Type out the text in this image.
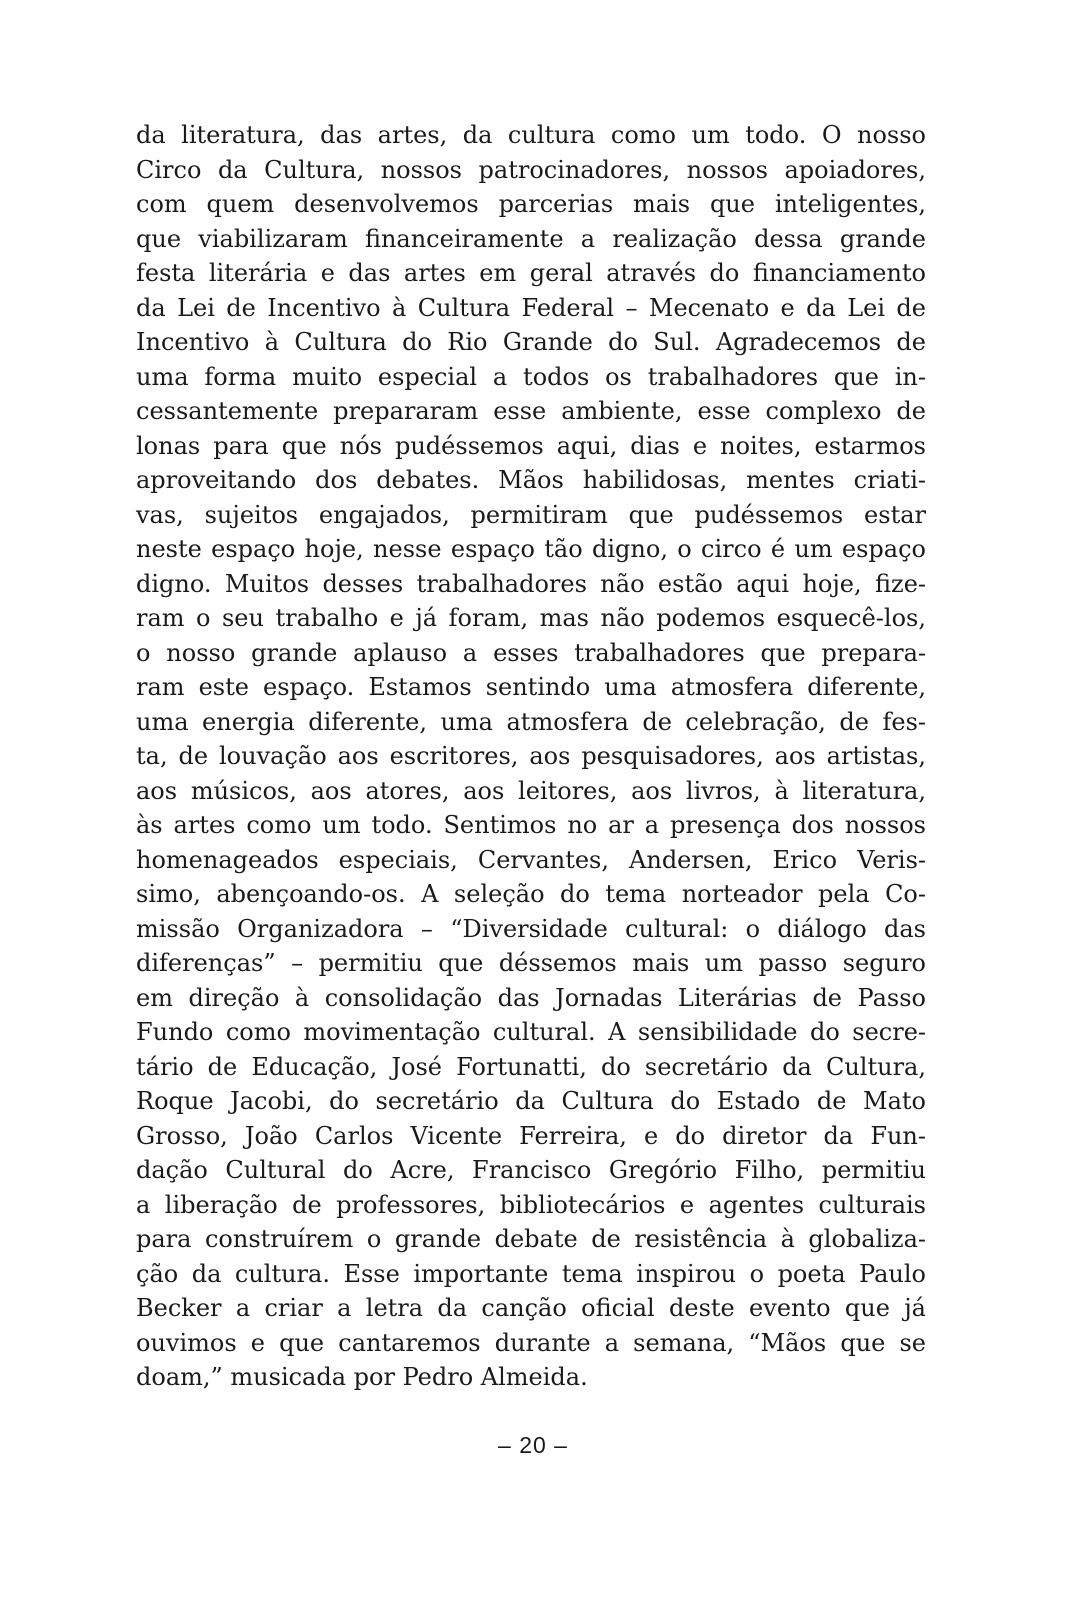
da literatura, das artes, da cultura como um todo. O nosso
Circo da Cultura, nossos patrocinadores, nossos apoiadores,
com quem desenvolvemos parcerias mais que inteligentes,
que viabilizaram financeiramente a realização dessa grande
festa literária e das artes em geral através do financiamento
da Lei de Incentivo à Cultura Federal – Mecenato e da Lei de
Incentivo à Cultura do Rio Grande do Sul. Agradecemos de
uma forma muito especial a todos os trabalhadores que in-
cessantemente prepararam esse ambiente, esse complexo de
lonas para que nós pudéssemos aqui, dias e noites, estarmos
aproveitando dos debates. Mãos habilidosas, mentes criati-
vas, sujeitos engajados, permitiram que pudéssemos estar
neste espaço hoje, nesse espaço tão digno, o circo é um espaço
digno. Muitos desses trabalhadores não estão aqui hoje, fize-
ram o seu trabalho e já foram, mas não podemos esquecê-los,
o nosso grande aplauso a esses trabalhadores que prepara-
ram este espaço. Estamos sentindo uma atmosfera diferente,
uma energia diferente, uma atmosfera de celebração, de fes-
ta, de louvação aos escritores, aos pesquisadores, aos artistas,
aos músicos, aos atores, aos leitores, aos livros, à literatura,
às artes como um todo. Sentimos no ar a presença dos nossos
homenageados especiais, Cervantes, Andersen, Erico Veris-
simo, abençoando-os. A seleção do tema norteador pela Co-
missão Organizadora – “Diversidade cultural: o diálogo das
diferenças” – permitiu que déssemos mais um passo seguro
em direção à consolidação das Jornadas Literárias de Passo
Fundo como movimentação cultural. A sensibilidade do secre-
tário de Educação, José Fortunatti, do secretário da Cultura,
Roque Jacobi, do secretário da Cultura do Estado de Mato
Grosso, João Carlos Vicente Ferreira, e do diretor da Fun-
dação Cultural do Acre, Francisco Gregório Filho, permitiu
a liberação de professores, bibliotecários e agentes culturais
para construírem o grande debate de resistência à globaliza-
ção da cultura. Esse importante tema inspirou o poeta Paulo
Becker a criar a letra da canção oficial deste evento que já
ouvimos e que cantaremos durante a semana, “Mãos que se
doam,” musicada por Pedro Almeida.
– 20 –
